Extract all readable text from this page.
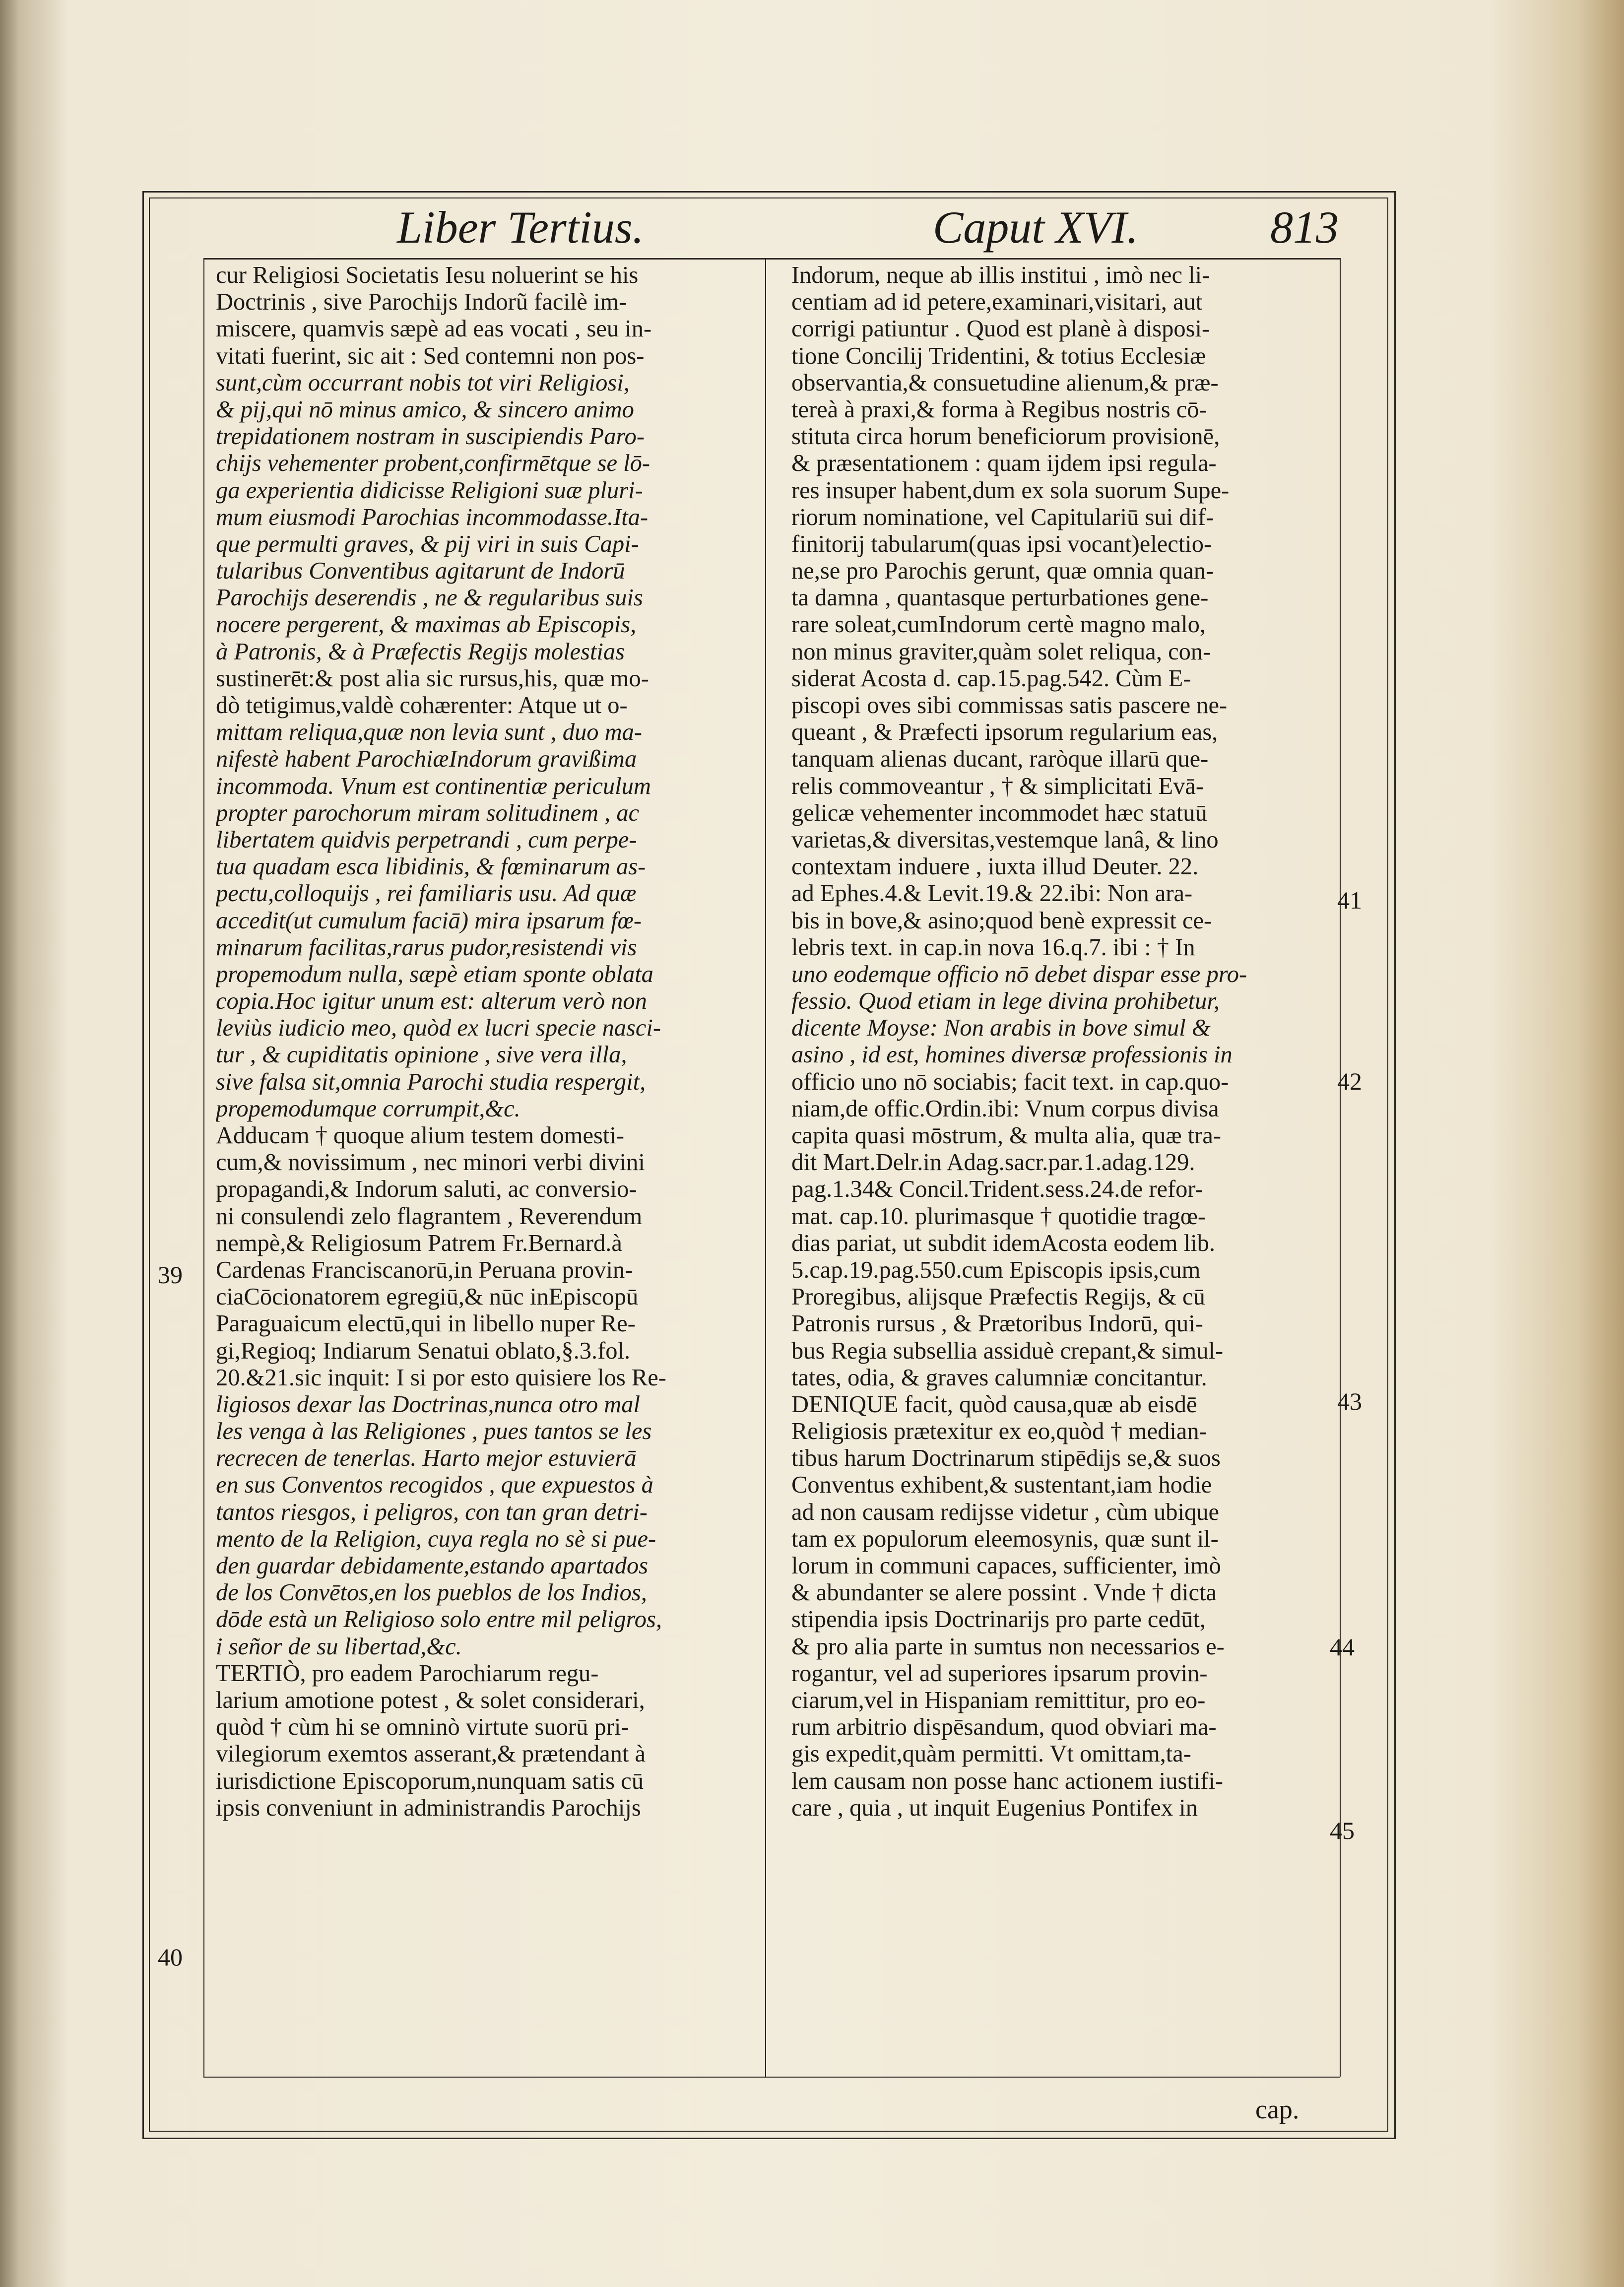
Liber Tertius.	Caput XVI.	813
cur Religiosi Societatis Iesu noluerint se his
Doctrinis , sive Parochijs Indorũ facilè im-
miscere, quamvis sæpè ad eas vocati , seu in-
vitati fuerint, sic ait : Sed contemni non pos-
sunt,cùm occurrant nobis tot viri Religiosi,
& pij,qui nō minus amico, & sincero animo
trepidationem nostram in suscipiendis Paro-
chijs vehementer probent,confirmētque se lō-
ga experientia didicisse Religioni suæ pluri-
mum eiusmodi Parochias incommodasse.Ita-
que permulti graves, & pij viri in suis Capi-
tularibus Conventibus agitarunt de Indorū
Parochijs deserendis , ne & regularibus suis
nocere pergerent, & maximas ab Episcopis,
à Patronis, & à Præfectis Regijs molestias
sustinerēt:& post alia sic rursus,his, quæ mo-
dò tetigimus,valdè cohærenter: Atque ut o-
mittam reliqua,quæ non levia sunt , duo ma-
nifestè habent ParochiæIndorum gravißima
incommoda. Vnum est continentiæ periculum
propter parochorum miram solitudinem , ac
libertatem quidvis perpetrandi , cum perpe-
tua quadam esca libidinis, & fœminarum as-
pectu,colloquijs , rei familiaris usu. Ad quæ
accedit(ut cumulum faciā) mira ipsarum fœ-
minarum facilitas,rarus pudor,resistendi vis
propemodum nulla, sæpè etiam sponte oblata
copia.Hoc igitur unum est: alterum verò non
leviùs iudicio meo, quòd ex lucri specie nasci-
tur , & cupiditatis opinione , sive vera illa,
sive falsa sit,omnia Parochi studia respergit,
propemodumque corrumpit,&c.
Adducam † quoque alium testem domesti-
cum,& novissimum , nec minori verbi divini
propagandi,& Indorum saluti, ac conversio-
ni consulendi zelo flagrantem , Reverendum
nempè,& Religiosum Patrem Fr.Bernard.à
Cardenas Franciscanorū,in Peruana provin-
ciaCōcionatorem egregiū,& nūc inEpiscopū
Paraguaicum electū,qui in libello nuper Re-
gi,Regioq; Indiarum Senatui oblato,§.3.fol.
20.&21.sic inquit: I si por esto quisiere los Re-
ligiosos dexar las Doctrinas,nunca otro mal
les venga à las Religiones , pues tantos se les
recrecen de tenerlas. Harto mejor estuvierā
en sus Conventos recogidos , que expuestos à
tantos riesgos, i peligros, con tan gran detri-
mento de la Religion, cuya regla no sè si pue-
den guardar debidamente,estando apartados
de los Convētos,en los pueblos de los Indios,
dōde està un Religioso solo entre mil peligros,
i señor de su libertad,&c.
TERTIÒ, pro eadem Parochiarum regu-
larium amotione potest , & solet considerari,
quòd † cùm hi se omninò virtute suorū pri-
vilegiorum exemtos asserant,& prætendant à
iurisdictione Episcoporum,nunquam satis cū
ipsis conveniunt in administrandis Parochijs
Indorum, neque ab illis institui , imò nec li-
centiam ad id petere,examinari,visitari, aut
corrigi patiuntur . Quod est planè à disposi-
tione Concilij Tridentini, & totius Ecclesiæ
observantia,& consuetudine alienum,& præ-
tereà à praxi,& forma à Regibus nostris cō-
stituta circa horum beneficiorum provisionē,
& præsentationem : quam ijdem ipsi regula-
res insuper habent,dum ex sola suorum Supe-
riorum nominatione, vel Capitulariū sui dif-
finitorij tabularum(quas ipsi vocant)electio-
ne,se pro Parochis gerunt, quæ omnia quan-
ta damna , quantasque perturbationes gene-
rare soleat,cumIndorum certè magno malo,
non minus graviter,quàm solet reliqua, con-
siderat Acosta d. cap.15.pag.542. Cùm E-
piscopi oves sibi commissas satis pascere ne-
queant , & Præfecti ipsorum regularium eas,
tanquam alienas ducant, raròque illarū que-
relis commoveantur , † & simplicitati Evā-
gelicæ vehementer incommodet hæc statuū
varietas,& diversitas,vestemque lanâ, & lino
contextam induere , iuxta illud Deuter. 22.
ad Ephes.4.& Levit.19.& 22.ibi: Non ara-
bis in bove,& asino;quod benè expressit ce-
lebris text. in cap.in nova 16.q.7. ibi : † In
uno eodemque officio nō debet dispar esse pro-
fessio. Quod etiam in lege divina prohibetur,
dicente Moyse: Non arabis in bove simul &
asino , id est, homines diversæ professionis in
officio uno nō sociabis; facit text. in cap.quo-
niam,de offic.Ordin.ibi: Vnum corpus divisa
capita quasi mōstrum, & multa alia, quæ tra-
dit Mart.Delr.in Adag.sacr.par.1.adag.129.
pag.1.34& Concil.Trident.sess.24.de refor-
mat. cap.10. plurimasque † quotidie tragœ-
dias pariat, ut subdit idemAcosta eodem lib.
5.cap.19.pag.550.cum Episcopis ipsis,cum
Proregibus, alijsque Præfectis Regijs, & cū
Patronis rursus , & Prætoribus Indorū, qui-
bus Regia subsellia assiduè crepant,& simul-
tates, odia, & graves calumniæ concitantur.
DENIQUE facit, quòd causa,quæ ab eisdē
Religiosis prætexitur ex eo,quòd † median-
tibus harum Doctrinarum stipēdijs se,& suos
Conventus exhibent,& sustentant,iam hodie
ad non causam redijsse videtur , cùm ubique
tam ex populorum eleemosynis, quæ sunt il-
lorum in communi capaces, sufficienter, imò
& abundanter se alere possint . Vnde † dicta
stipendia ipsis Doctrinarijs pro parte cedūt,
& pro alia parte in sumtus non necessarios e-
rogantur, vel ad superiores ipsarum provin-
ciarum,vel in Hispaniam remittitur, pro eo-
rum arbitrio dispēsandum, quod obviari ma-
gis expedit,quàm permitti. Vt omittam,ta-
lem causam non posse hanc actionem iustifi-
care , quia , ut inquit Eugenius Pontifex in
39
40
41
42
43
44
45
cap.
